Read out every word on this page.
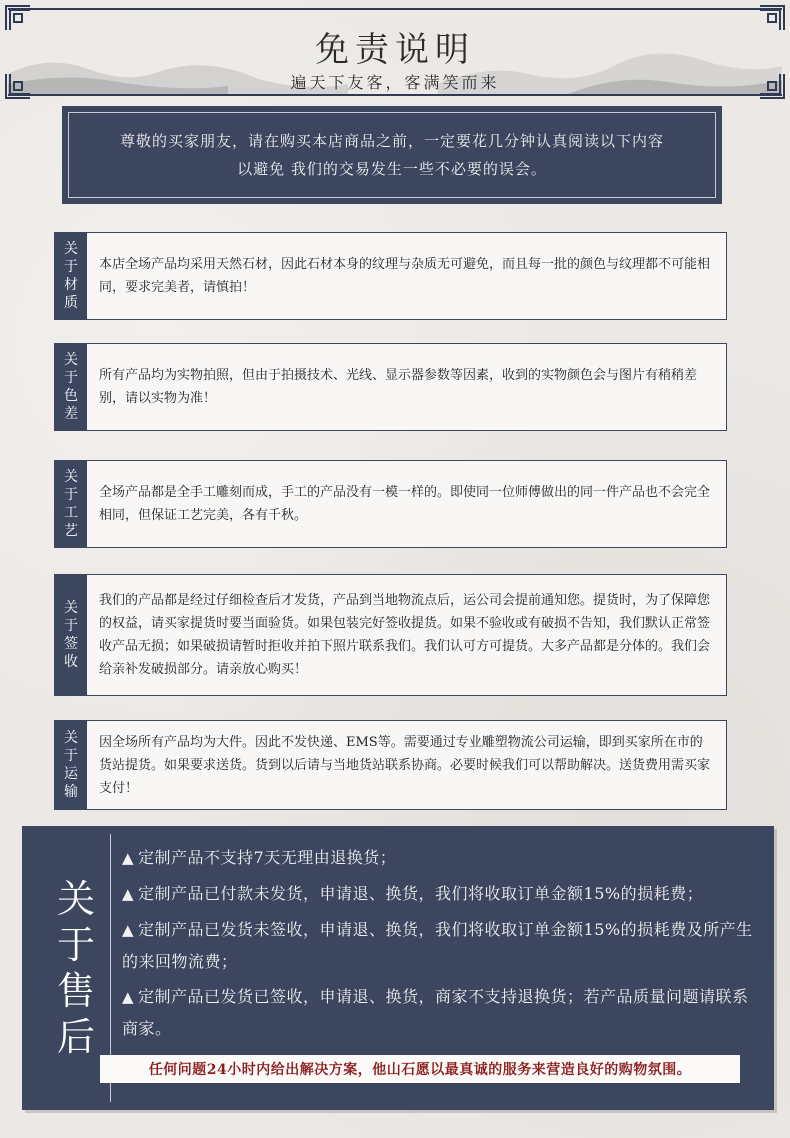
免责说明
遍天下友客，客满笑而来
尊敬的买家朋友，请在购买本店商品之前，一定要花几分钟认真阅读以下内容
以避免 我们的交易发生一些不必要的误会。
关
于
材
质
本店全场产品均采用天然石材，因此石材本身的纹理与杂质无可避免，而且每一批的颜色与纹理都不可能相同，要求完美者，请慎拍！
关
于
色
差
所有产品均为实物拍照，但由于拍摄技术、光线、显示器参数等因素，收到的实物颜色会与图片有稍稍差别，请以实物为准！
关
于
工
艺
全场产品都是全手工雕刻而成，手工的产品没有一模一样的。即使同一位师傅做出的同一件产品也不会完全相同，但保证工艺完美，各有千秋。
关
于
签
收
我们的产品都是经过仔细检查后才发货，产品到当地物流点后，运公司会提前通知您。提货时，为了保障您的权益，请买家提货时要当面验货。如果包装完好签收提货。如果不验收或有破损不告知，我们默认正常签收产品无损；如果破损请暂时拒收并拍下照片联系我们。我们认可方可提货。大多产品都是分体的。我们会给亲补发破损部分。请亲放心购买！
关
于
运
输
因全场所有产品均为大件。因此不发快递、EMS等。需要通过专业雕塑物流公司运输，即到买家所在市的货站提货。如果要求送货。货到以后请与当地货站联系协商。必要时候我们可以帮助解决。送货费用需买家支付！
关
于
售
后
▲ 定制产品不支持7天无理由退换货；
▲ 定制产品已付款未发货，申请退、换货，我们将收取订单金额15%的损耗费；
▲ 定制产品已发货未签收，申请退、换货，我们将收取订单金额15%的损耗费及所产生的来回物流费；
▲ 定制产品已发货已签收，申请退、换货，商家不支持退换货；若产品质量问题请联系商家。
任何问题24小时内给出解决方案，他山石愿以最真诚的服务来营造良好的购物氛围。
